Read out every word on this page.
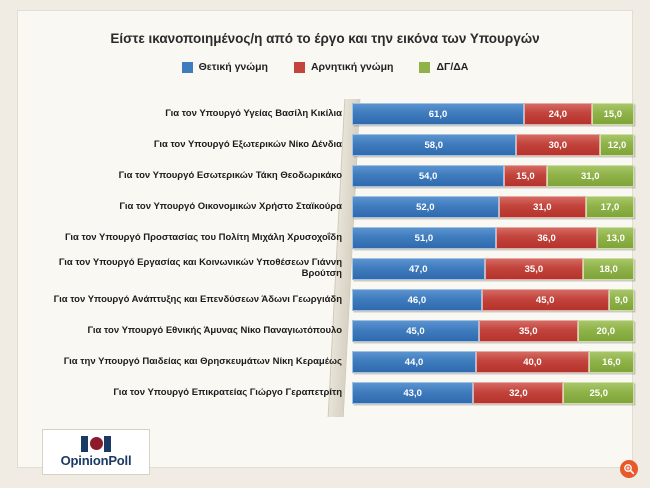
Είστε ικανοποιημένος/η από το έργο και την εικόνα των Υπουργών
Θετική γνώμη	Αρνητική γνώμη	ΔΓ/ΔΑ
Για τον Υπουργό Υγείας Βασίλη Κικίλια	61,0	24,0	15,0
Για τον Υπουργό Εξωτερικών Νίκο Δένδια	58,0	30,0	12,0
Για τον Υπουργό Εσωτερικών Τάκη Θεοδωρικάκο	54,0	15,0	31,0
Για τον Υπουργό Οικονομικών Χρήστο Σταϊκούρα	52,0	31,0	17,0
Για τον Υπουργό Προστασίας του Πολίτη Μιχάλη Χρυσοχοΐδη	51,0	36,0	13,0
Για τον Υπουργό Εργασίας και Κοινωνικών Υποθέσεων Γιάννη Βρούτση	47,0	35,0	18,0
Για τον Υπουργό Ανάπτυξης και Επενδύσεων Άδωνι Γεωργιάδη	46,0	45,0	9,0
Για τον Υπουργό Εθνικής Άμυνας Νίκο Παναγιωτόπουλο	45,0	35,0	20,0
Για την Υπουργό Παιδείας και Θρησκευμάτων Νίκη Κεραμέως	44,0	40,0	16,0
Για τον Υπουργό Επικρατείας Γιώργο Γεραπετρίτη	43,0	32,0	25,0
OpinionPoll
